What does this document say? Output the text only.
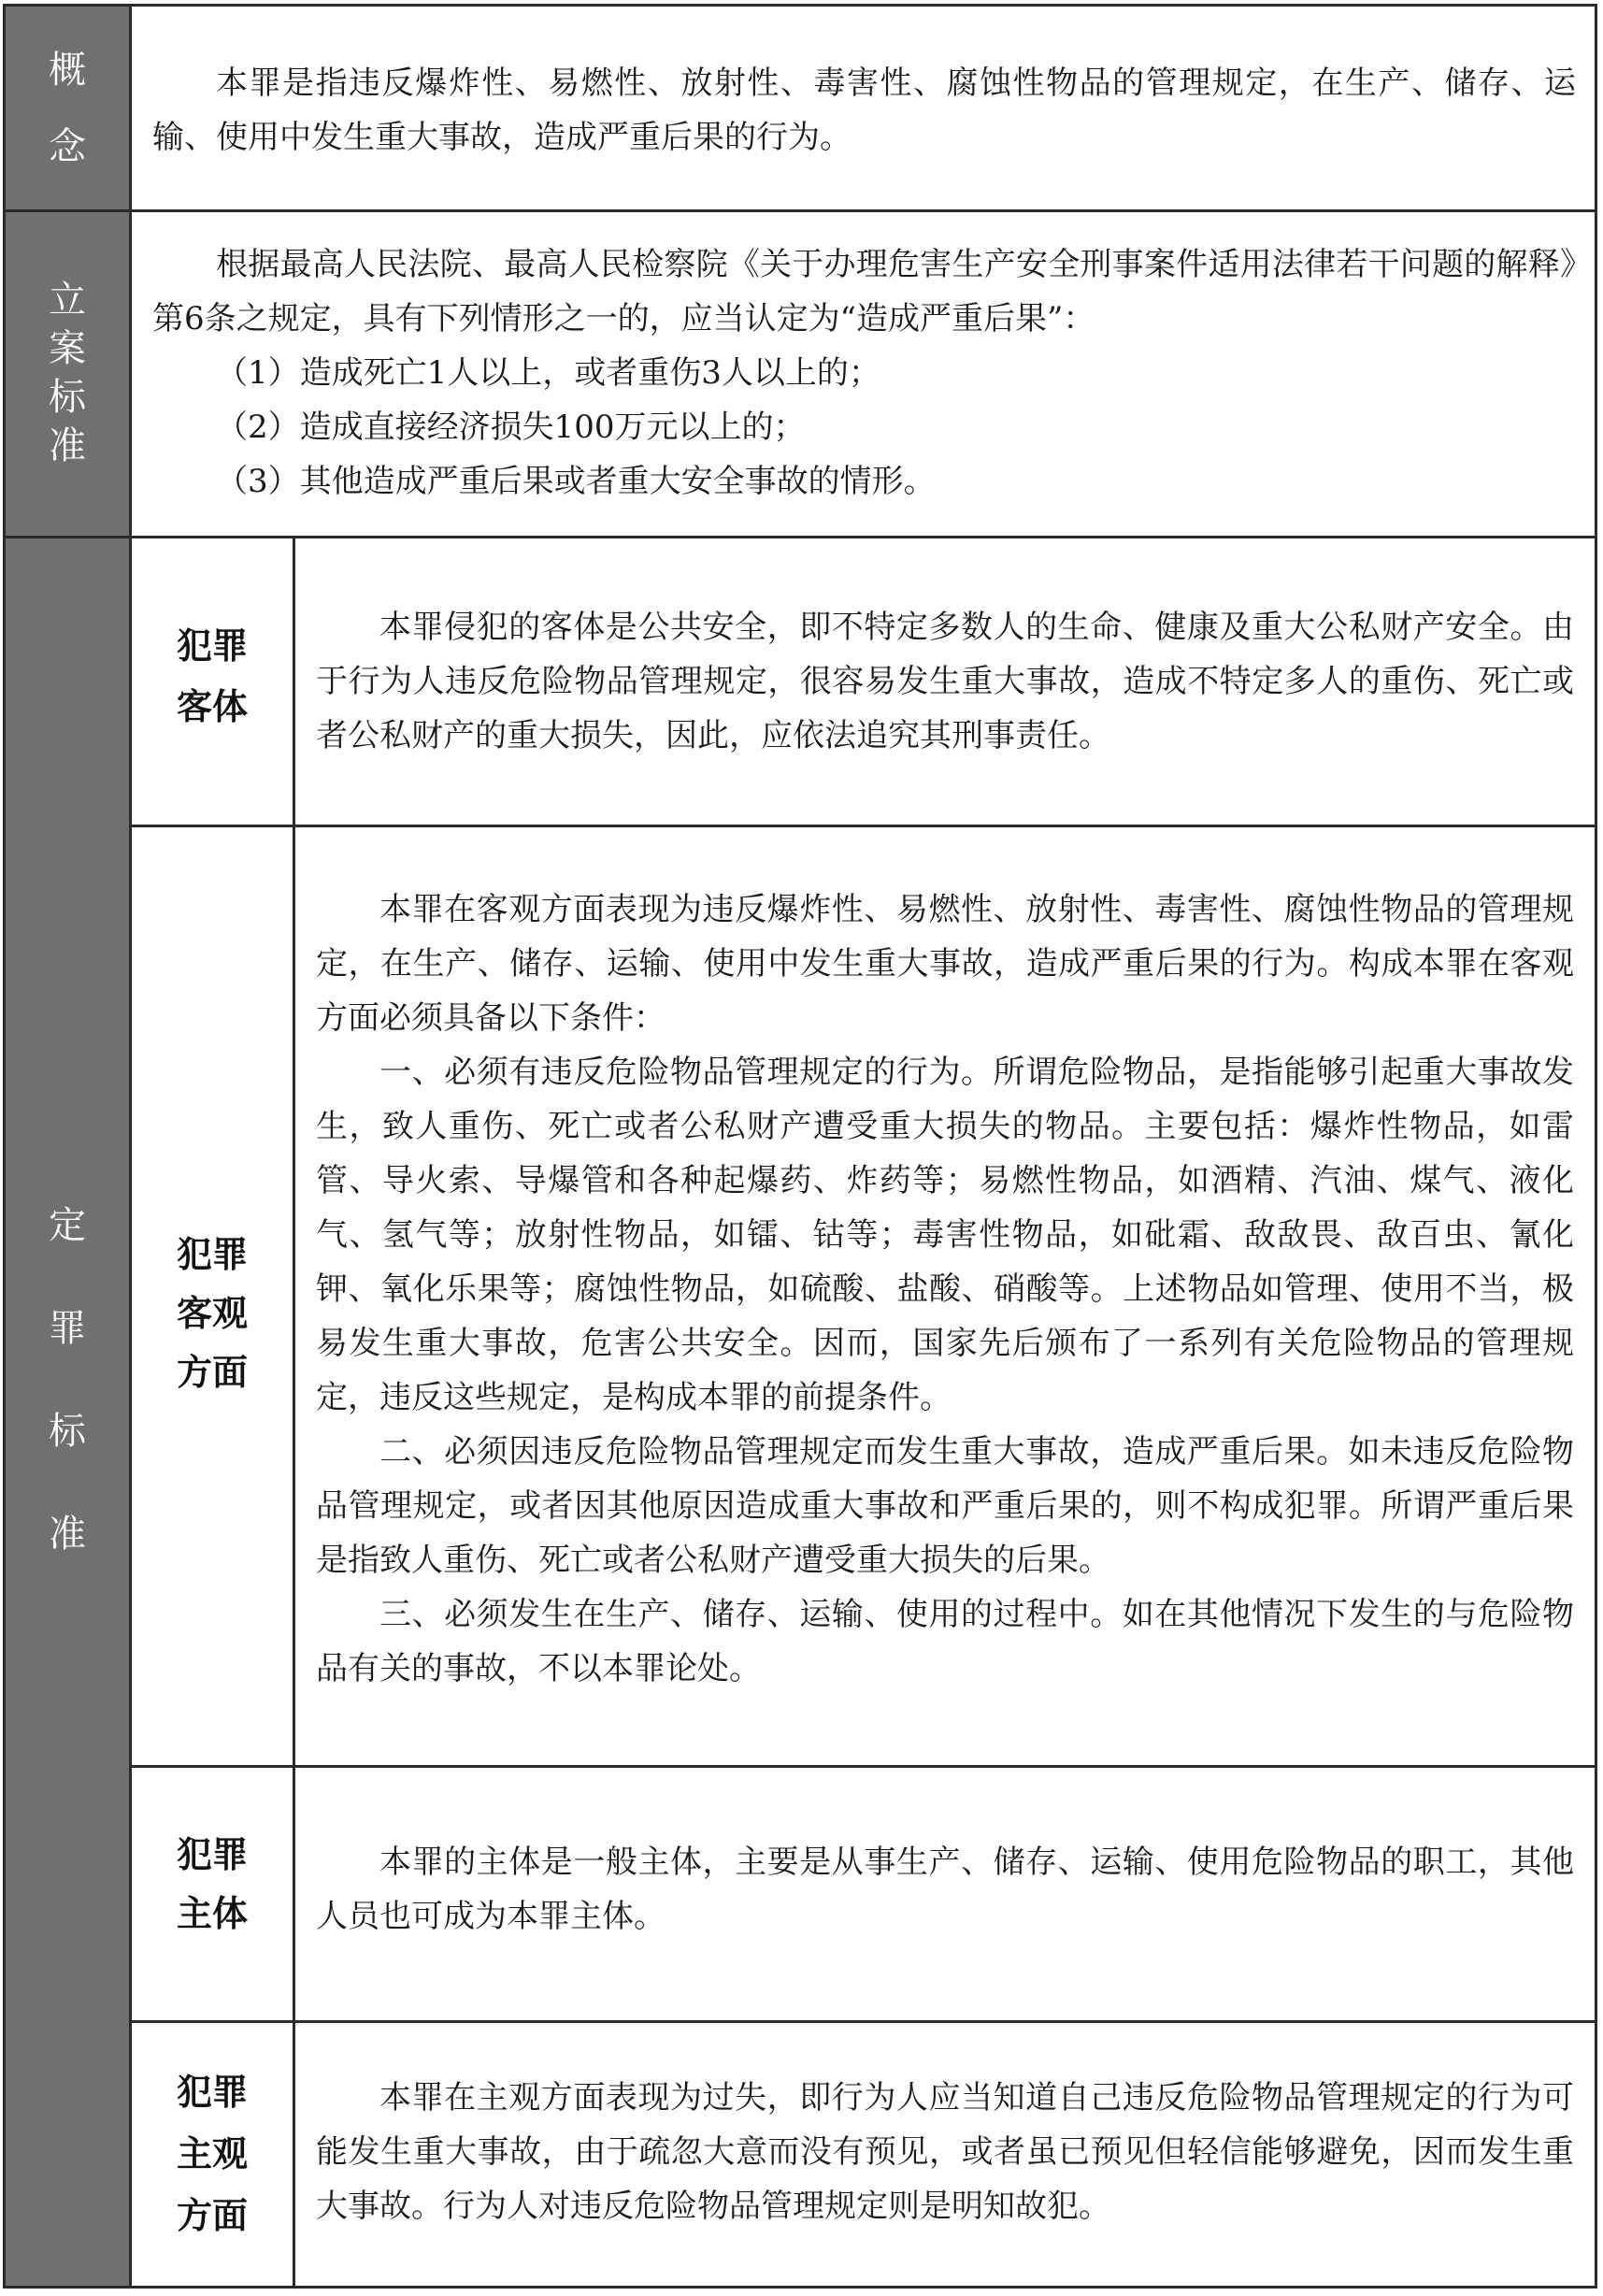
概
念

本罪是指违反爆炸性、易燃性、放射性、毒害性、腐蚀性物品的管理规定，在生产、储存、运输、使用中发生重大事故，造成严重后果的行为。

立
案
标
准

根据最高人民法院、最高人民检察院《关于办理危害生产安全刑事案件适用法律若干问题的解释》第6条之规定，具有下列情形之一的，应当认定为“造成严重后果”：

（1）造成死亡1人以上，或者重伤3人以上的；

（2）造成直接经济损失100万元以上的；

（3）其他造成严重后果或者重大安全事故的情形。

定
罪
标
准
犯罪
客体

本罪侵犯的客体是公共安全，即不特定多数人的生命、健康及重大公私财产安全。由于行为人违反危险物品管理规定，很容易发生重大事故，造成不特定多人的重伤、死亡或者公私财产的重大损失，因此，应依法追究其刑事责任。

犯罪
客观
方面

本罪在客观方面表现为违反爆炸性、易燃性、放射性、毒害性、腐蚀性物品的管理规定，在生产、储存、运输、使用中发生重大事故，造成严重后果的行为。构成本罪在客观方面必须具备以下条件：

一、必须有违反危险物品管理规定的行为。所谓危险物品，是指能够引起重大事故发生，致人重伤、死亡或者公私财产遭受重大损失的物品。主要包括：爆炸性物品，如雷管、导火索、导爆管和各种起爆药、炸药等；易燃性物品，如酒精、汽油、煤气、液化气、氢气等；放射性物品，如镭、钴等；毒害性物品，如砒霜、敌敌畏、敌百虫、氰化钾、氧化乐果等；腐蚀性物品，如硫酸、盐酸、硝酸等。上述物品如管理、使用不当，极易发生重大事故，危害公共安全。因而，国家先后颁布了一系列有关危险物品的管理规定，违反这些规定，是构成本罪的前提条件。

二、必须因违反危险物品管理规定而发生重大事故，造成严重后果。如未违反危险物品管理规定，或者因其他原因造成重大事故和严重后果的，则不构成犯罪。所谓严重后果是指致人重伤、死亡或者公私财产遭受重大损失的后果。

三、必须发生在生产、储存、运输、使用的过程中。如在其他情况下发生的与危险物品有关的事故，不以本罪论处。

犯罪
主体

本罪的主体是一般主体，主要是从事生产、储存、运输、使用危险物品的职工，其他人员也可成为本罪主体。

犯罪
主观
方面

本罪在主观方面表现为过失，即行为人应当知道自己违反危险物品管理规定的行为可能发生重大事故，由于疏忽大意而没有预见，或者虽已预见但轻信能够避免，因而发生重大事故。行为人对违反危险物品管理规定则是明知故犯。
